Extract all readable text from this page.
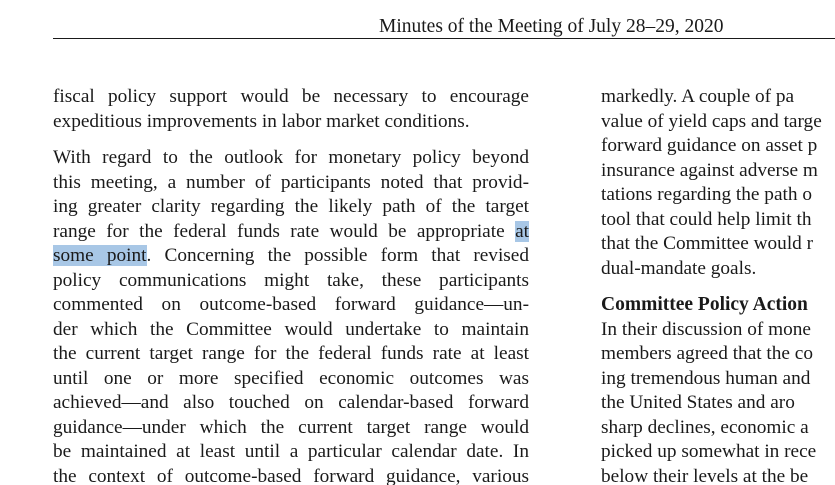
Minutes of the Meeting of July 28–29, 2020
fiscal policy support would be necessary to encourage
expeditious improvements in labor market conditions.
With regard to the outlook for monetary policy beyond
this meeting, a number of participants noted that provid-
ing greater clarity regarding the likely path of the target
range for the federal funds rate would be appropriate at
some point. Concerning the possible form that revised
policy communications might take, these participants
commented on outcome-based forward guidance—un-
der which the Committee would undertake to maintain
the current target range for the federal funds rate at least
until one or more specified economic outcomes was
achieved—and also touched on calendar-based forward
guidance—under which the current target range would
be maintained at least until a particular calendar date. In
the context of outcome-based forward guidance, various
markedly. A couple of pa
value of yield caps and targe
forward guidance on asset p
insurance against adverse m
tations regarding the path o
tool that could help limit th
that the Committee would r
dual-mandate goals.
Committee Policy Action
In their discussion of mone
members agreed that the co
ing tremendous human and
the United States and aro
sharp declines, economic a
picked up somewhat in rece
below their levels at the be
